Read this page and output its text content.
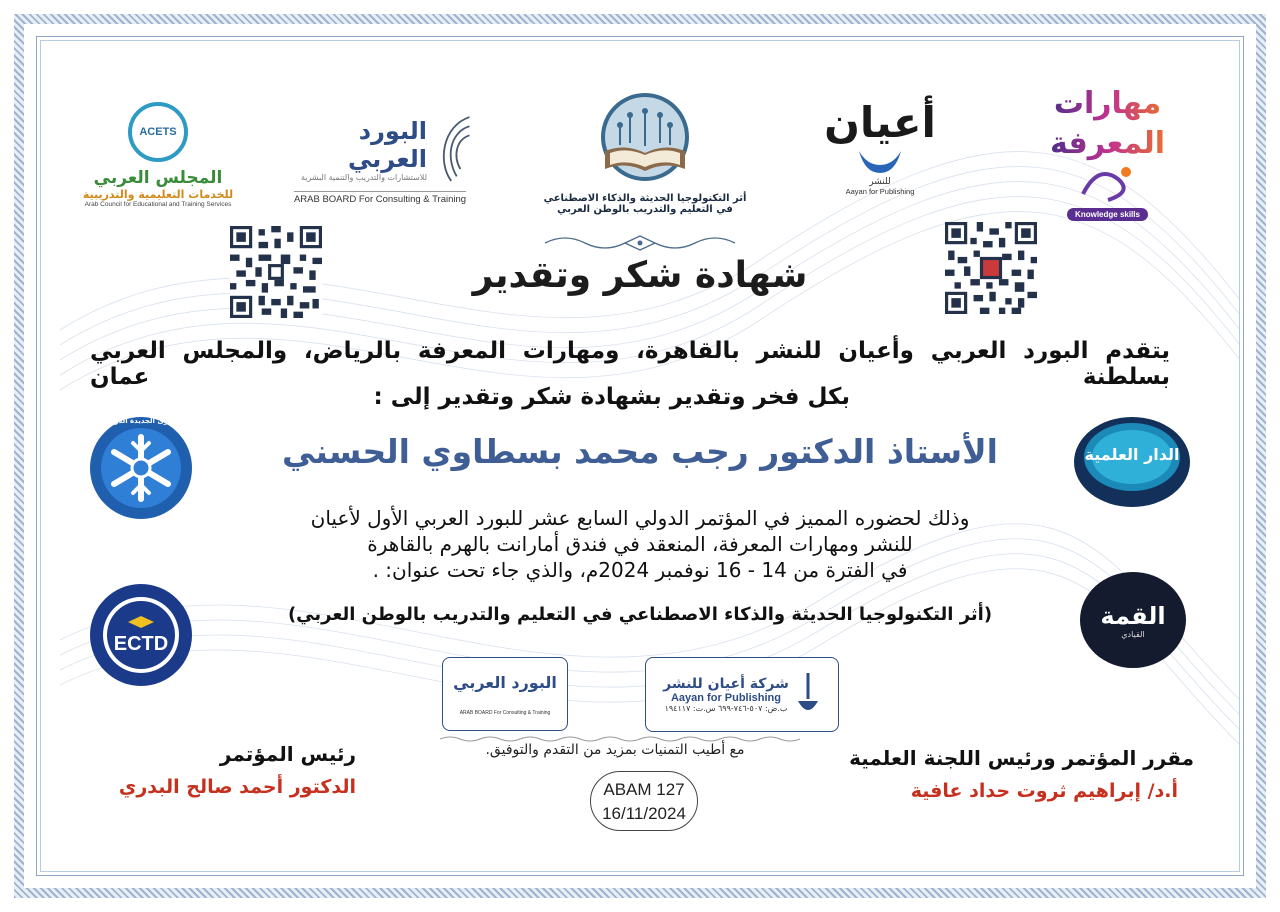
ACETS
المجلس العربي
للخدمات التعليمية والتدريبية
Arab Council for Educational and Training Services
البورد العربي
للاستشارات والتدريب والتنمية البشرية
ARAB BOARD For Consulting & Training	أثر التكنولوجيا الحديثة والذكاء الاصطناعي
في التعليم والتدريب بالوطن العربي
أعيان
للنشر
Aayan for Publishing
مهارات المعرفة
Knowledge skills
شهادة شكر وتقدير
يتقدم البورد العربي وأعيان للنشر بالقاهرة، ومهارات المعرفة بالرياض، والمجلس العربي بسلطنة عمان
بكل فخر وتقدير بشهادة شكر وتقدير إلى :
الرؤى الجديدة الدولية
الدار العلمية
الأستاذ الدكتور رجب محمد بسطاوي الحسني
وذلك لحضوره المميز في المؤتمر الدولي السابع عشر للبورد العربي الأول لأعيان
للنشر ومهارات المعرفة، المنعقد في فندق أمارانت بالهرم بالقاهرة
في الفترة من 14 - 16 نوفمبر 2024م، والذي جاء تحت عنوان: .
(أثر التكنولوجيا الحديثة والذكاء الاصطناعي في التعليم والتدريب بالوطن العربي)
ECTD
القمة
القيادي
البورد العربي
ARAB BOARD For Consulting & Training
شركة أعيان للنشر
Aayan for Publishing
ب.ض: ٥٠٧-٧٤٦-٦٩٩ س.ت: ١٩٤١١٧
مقرر المؤتمر ورئيس اللجنة العلمية
أ.د/ إبراهيم ثروت حداد عافية
رئيس المؤتمر
الدكتور أحمد صالح البدري
مع أطيب التمنيات بمزيد من التقدم والتوفيق.
ABAM 127
16/11/2024
